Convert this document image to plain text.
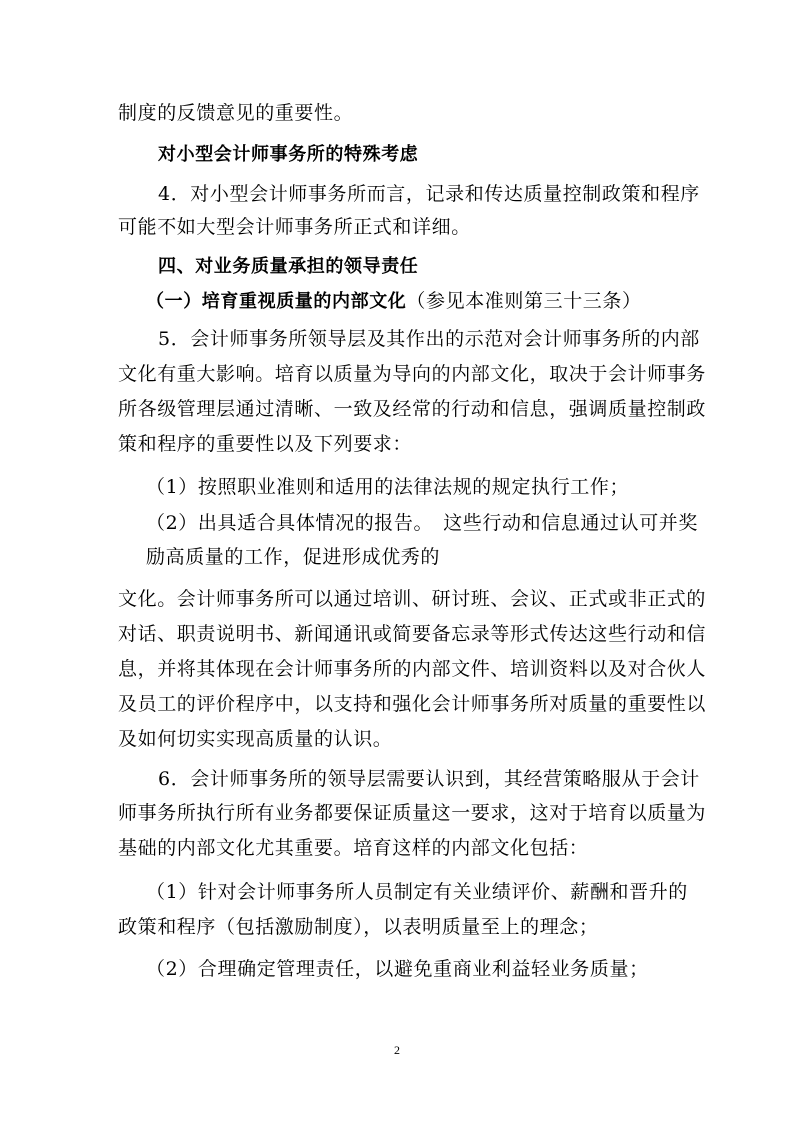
制度的反馈意见的重要性。
对小型会计师事务所的特殊考虑
4．对小型会计师事务所而言，记录和传达质量控制政策和程序
可能不如大型会计师事务所正式和详细。
四、对业务质量承担的领导责任
（一）培育重视质量的内部文化（参见本准则第三十三条）
5．会计师事务所领导层及其作出的示范对会计师事务所的内部
文化有重大影响。培育以质量为导向的内部文化，取决于会计师事务
所各级管理层通过清晰、一致及经常的行动和信息，强调质量控制政
策和程序的重要性以及下列要求：
（1）按照职业准则和适用的法律法规的规定执行工作；
（2）出具适合具体情况的报告。　这些行动和信息通过认可并奖
励高质量的工作，促进形成优秀的
文化。会计师事务所可以通过培训、研讨班、会议、正式或非正式的
对话、职责说明书、新闻通讯或简要备忘录等形式传达这些行动和信
息，并将其体现在会计师事务所的内部文件、培训资料以及对合伙人
及员工的评价程序中，以支持和强化会计师事务所对质量的重要性以
及如何切实实现高质量的认识。
6．会计师事务所的领导层需要认识到，其经营策略服从于会计
师事务所执行所有业务都要保证质量这一要求，这对于培育以质量为
基础的内部文化尤其重要。培育这样的内部文化包括：
（1）针对会计师事务所人员制定有关业绩评价、薪酬和晋升的
政策和程序（包括激励制度），以表明质量至上的理念；
（2）合理确定管理责任，以避免重商业利益轻业务质量；
2
